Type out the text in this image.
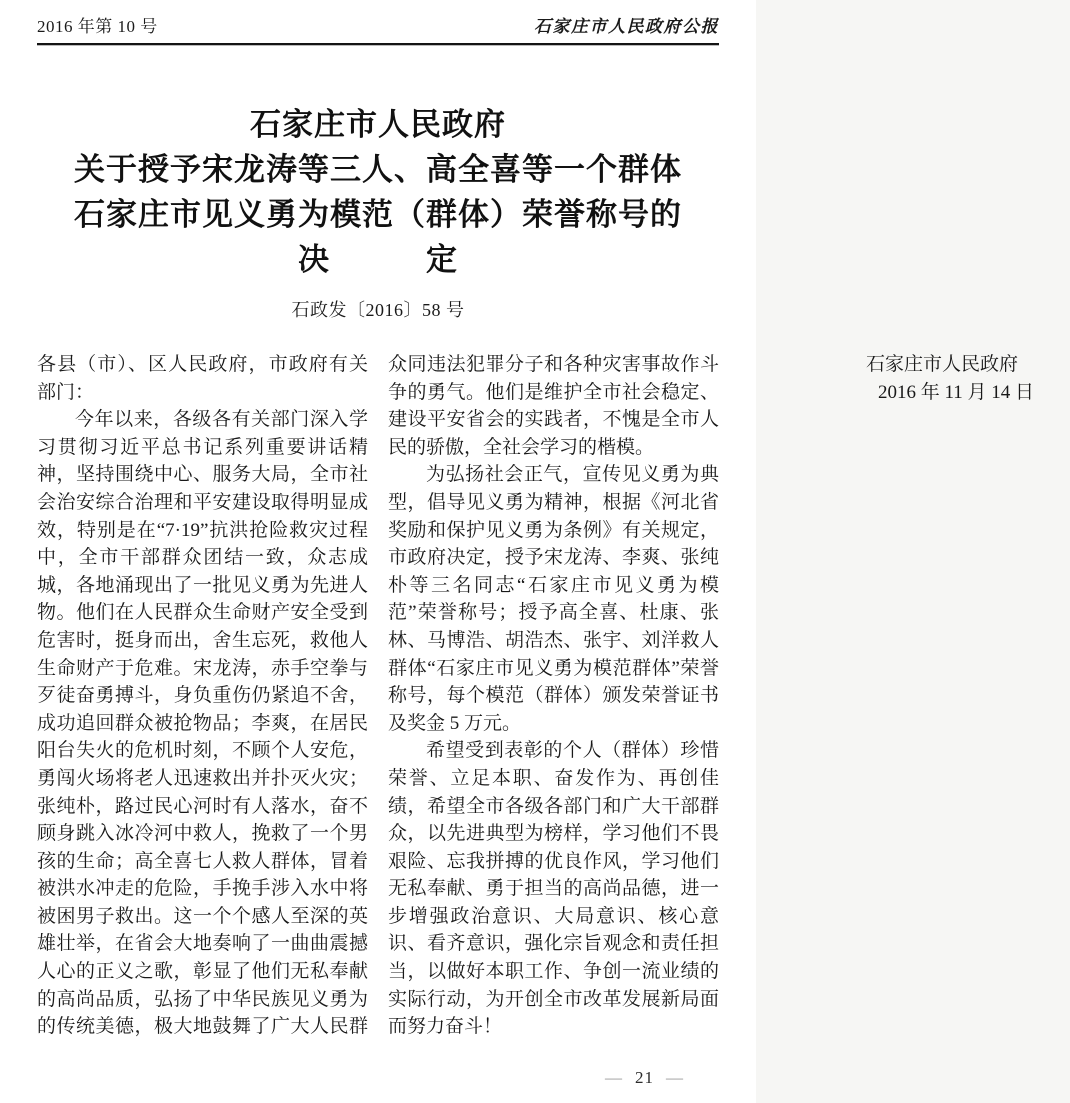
2016 年第 10 号	石家庄市人民政府公报
石家庄市人民政府
关于授予宋龙涛等三人、高全喜等一个群体
石家庄市见义勇为模范（群体）荣誉称号的
决　　　定
石政发〔2016〕58 号

各县（市）、区人民政府，市政府有关部门：

今年以来，各级各有关部门深入学习贯彻习近平总书记系列重要讲话精神，坚持围绕中心、服务大局，全市社会治安综合治理和平安建设取得明显成效，特别是在“7·19”抗洪抢险救灾过程中，全市干部群众团结一致，众志成城，各地涌现出了一批见义勇为先进人物。他们在人民群众生命财产安全受到危害时，挺身而出，舍生忘死，救他人生命财产于危难。宋龙涛，赤手空拳与歹徒奋勇搏斗，身负重伤仍紧追不舍，成功追回群众被抢物品；李爽，在居民阳台失火的危机时刻，不顾个人安危，勇闯火场将老人迅速救出并扑灭火灾；张纯朴，路过民心河时有人落水，奋不顾身跳入冰冷河中救人，挽救了一个男孩的生命；高全喜七人救人群体，冒着被洪水冲走的危险，手挽手涉入水中将被困男子救出。这一个个感人至深的英雄壮举，在省会大地奏响了一曲曲震撼人心的正义之歌，彰显了他们无私奉献的高尚品质，弘扬了中华民族见义勇为的传统美德，极大地鼓舞了广大人民群众同违法犯罪分子和各种灾害事故作斗争的勇气。他们是维护全市社会稳定、建设平安省会的实践者，不愧是全市人民的骄傲，全社会学习的楷模。

为弘扬社会正气，宣传见义勇为典型，倡导见义勇为精神，根据《河北省奖励和保护见义勇为条例》有关规定，市政府决定，授予宋龙涛、李爽、张纯朴等三名同志“石家庄市见义勇为模范”荣誉称号；授予高全喜、杜康、张林、马博浩、胡浩杰、张宇、刘洋救人群体“石家庄市见义勇为模范群体”荣誉称号，每个模范（群体）颁发荣誉证书及奖金 5 万元。

希望受到表彰的个人（群体）珍惜荣誉、立足本职、奋发作为、再创佳绩，希望全市各级各部门和广大干部群众，以先进典型为榜样，学习他们不畏艰险、忘我拼搏的优良作风，学习他们无私奉献、勇于担当的高尚品德，进一步增强政治意识、大局意识、核心意识、看齐意识，强化宗旨观念和责任担当，以做好本职工作、争创一流业绩的实际行动，为开创全市改革发展新局面而努力奋斗！

石家庄市人民政府

2016 年 11 月 14 日

— 21 —
